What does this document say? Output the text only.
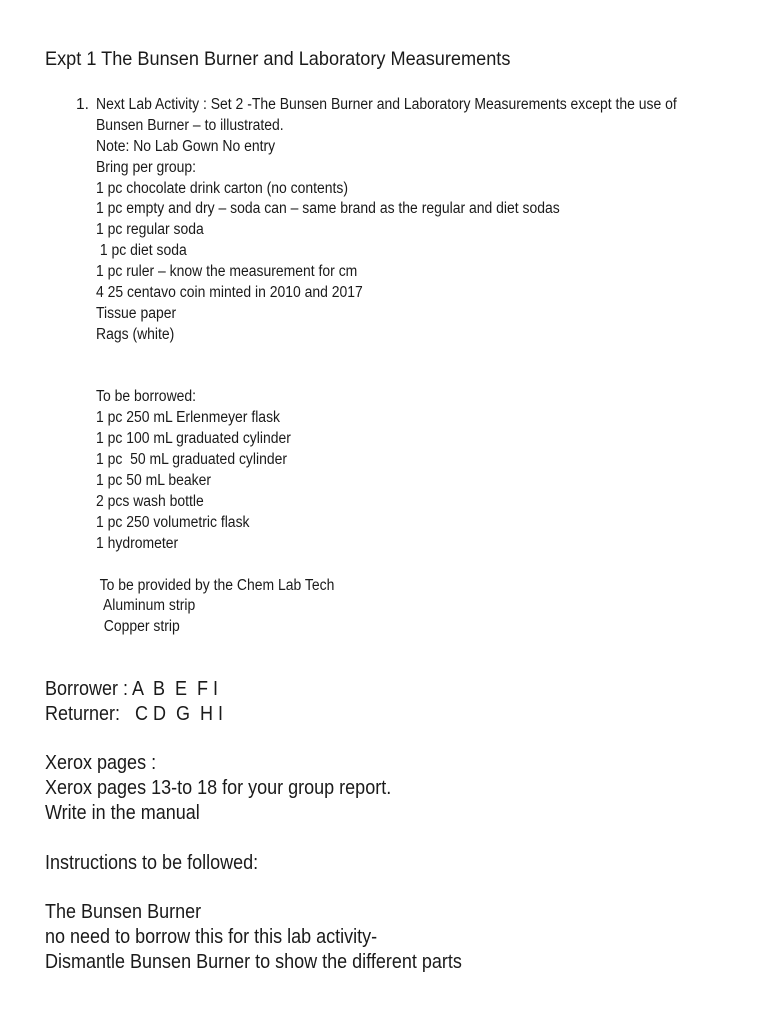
Expt 1 The Bunsen Burner and Laboratory Measurements
1. Next Lab Activity : Set 2 -The Bunsen Burner and Laboratory Measurements except the use of
Bunsen Burner – to illustrated.
Note: No Lab Gown No entry
Bring per group:
1 pc chocolate drink carton (no contents)
1 pc empty and dry – soda can – same brand as the regular and diet sodas
1 pc regular soda
1 pc diet soda
1 pc ruler – know the measurement for cm
4 25 centavo coin minted in 2010 and 2017
Tissue paper
Rags (white)
To be borrowed:
1 pc 250 mL Erlenmeyer flask
1 pc 100 mL graduated cylinder
1 pc  50 mL graduated cylinder
1 pc 50 mL beaker
2 pcs wash bottle
1 pc 250 volumetric flask
1 hydrometer
To be provided by the Chem Lab Tech
Aluminum strip
Copper strip
Borrower : A  B  E  F I
Returner:   C D  G  H I
Xerox pages :
Xerox pages 13-to 18 for your group report.
Write in the manual
Instructions to be followed:
The Bunsen Burner
no need to borrow this for this lab activity-
Dismantle Bunsen Burner to show the different parts
